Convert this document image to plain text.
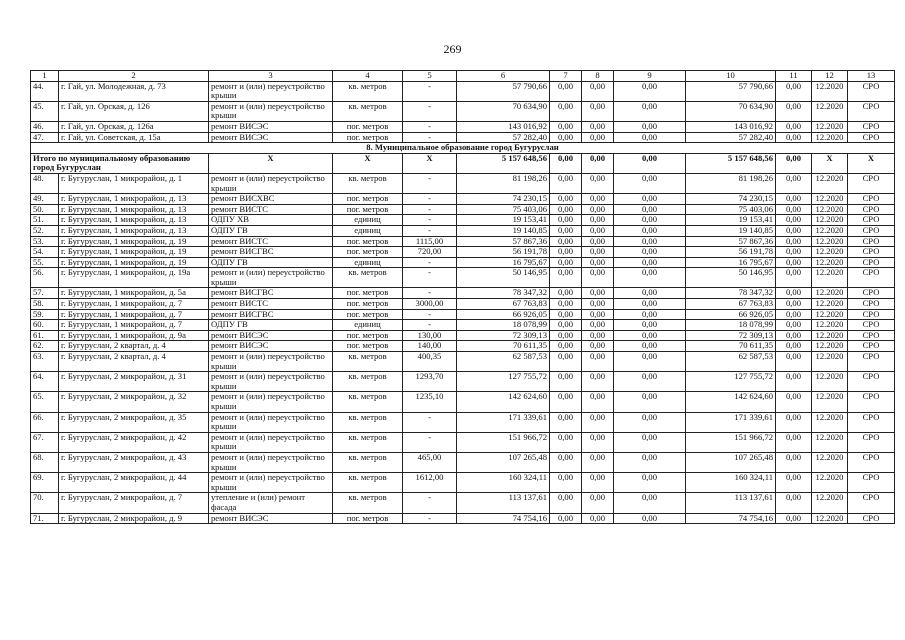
269
1	2	3	4	5	6	7	8	9	10	11	12	13
44.	г. Гай, ул. Молодежная, д. 73	ремонт и (или) переустройство крыши	кв. метров	-	57 790,66	0,00	0,00	0,00	57 790,66	0,00	12.2020	СРО
45.	г. Гай, ул. Орская, д. 126	ремонт и (или) переустройство крыши	кв. метров	-	70 634,90	0,00	0,00	0,00	70 634,90	0,00	12.2020	СРО
46.	г. Гай, ул. Орская, д. 126а	ремонт ВИСЭС	пог. метров	-	143 016,92	0,00	0,00	0,00	143 016,92	0,00	12.2020	СРО
47.	г. Гай, ул. Советская, д. 15а	ремонт ВИСЭС	пог. метров	-	57 282,40	0,00	0,00	0,00	57 282,40	0,00	12.2020	СРО
8. Муниципальное образование город Бугуруслан												
Итого по муниципальному образованию город Бугуруслан		X	X	X	5 157 648,56	0,00	0,00	0,00	5 157 648,56	0,00	X	X
48.	г. Бугуруслан, 1 микрорайон, д. 1	ремонт и (или) переустройство крыши	кв. метров	-	81 198,26	0,00	0,00	0,00	81 198,26	0,00	12.2020	СРО
49.	г. Бугуруслан, 1 микрорайон, д. 13	ремонт ВИСХВС	пог. метров	-	74 230,15	0,00	0,00	0,00	74 230,15	0,00	12.2020	СРО
50.	г. Бугуруслан, 1 микрорайон, д. 13	ремонт ВИСТС	пог. метров	-	75 403,06	0,00	0,00	0,00	75 403,06	0,00	12.2020	СРО
51.	г. Бугуруслан, 1 микрорайон, д. 13	ОДПУ ХВ	единиц	-	19 153,41	0,00	0,00	0,00	19 153,41	0,00	12.2020	СРО
52.	г. Бугуруслан, 1 микрорайон, д. 13	ОДПУ ГВ	единиц	-	19 140,85	0,00	0,00	0,00	19 140,85	0,00	12.2020	СРО
53.	г. Бугуруслан, 1 микрорайон, д. 19	ремонт ВИСТС	пог. метров	1115,00	57 867,36	0,00	0,00	0,00	57 867,36	0,00	12.2020	СРО
54.	г. Бугуруслан, 1 микрорайон, д. 19	ремонт ВИСГВС	пог. метров	720,00	56 191,78	0,00	0,00	0,00	56 191,78	0,00	12.2020	СРО
55.	г. Бугуруслан, 1 микрорайон, д. 19	ОДПУ ГВ	единиц	-	16 795,67	0,00	0,00	0,00	16 795,67	0,00	12.2020	СРО
56.	г. Бугуруслан, 1 микрорайон, д. 19а	ремонт и (или) переустройство крыши	кв. метров	-	50 146,95	0,00	0,00	0,00	50 146,95	0,00	12.2020	СРО
57.	г. Бугуруслан, 1 микрорайон, д. 5а	ремонт ВИСГВС	пог. метров	-	78 347,32	0,00	0,00	0,00	78 347,32	0,00	12.2020	СРО
58.	г. Бугуруслан, 1 микрорайон, д. 7	ремонт ВИСТС	пог. метров	3000,00	67 763,83	0,00	0,00	0,00	67 763,83	0,00	12.2020	СРО
59.	г. Бугуруслан, 1 микрорайон, д. 7	ремонт ВИСГВС	пог. метров	-	66 926,05	0,00	0,00	0,00	66 926,05	0,00	12.2020	СРО
60.	г. Бугуруслан, 1 микрорайон, д. 7	ОДПУ ГВ	единиц	-	18 078,99	0,00	0,00	0,00	18 078,99	0,00	12.2020	СРО
61.	г. Бугуруслан, 1 микрорайон, д. 9а	ремонт ВИСЭС	пог. метров	130,00	72 309,13	0,00	0,00	0,00	72 309,13	0,00	12.2020	СРО
62.	г. Бугуруслан, 2 квартал, д. 4	ремонт ВИСЭС	пог. метров	140,00	70 611,35	0,00	0,00	0,00	70 611,35	0,00	12.2020	СРО
63.	г. Бугуруслан, 2 квартал, д. 4	ремонт и (или) переустройство крыши	кв. метров	400,35	62 587,53	0,00	0,00	0,00	62 587,53	0,00	12.2020	СРО
64.	г. Бугуруслан, 2 микрорайон, д. 31	ремонт и (или) переустройство крыши	кв. метров	1293,70	127 755,72	0,00	0,00	0,00	127 755,72	0,00	12.2020	СРО
65.	г. Бугуруслан, 2 микрорайон, д. 32	ремонт и (или) переустройство крыши	кв. метров	1235,10	142 624,60	0,00	0,00	0,00	142 624,60	0,00	12.2020	СРО
66.	г. Бугуруслан, 2 микрорайон, д. 35	ремонт и (или) переустройство крыши	кв. метров	-	171 339,61	0,00	0,00	0,00	171 339,61	0,00	12.2020	СРО
67.	г. Бугуруслан, 2 микрорайон, д. 42	ремонт и (или) переустройство крыши	кв. метров	-	151 966,72	0,00	0,00	0,00	151 966,72	0,00	12.2020	СРО
68.	г. Бугуруслан, 2 микрорайон, д. 43	ремонт и (или) переустройство крыши	кв. метров	465,00	107 265,48	0,00	0,00	0,00	107 265,48	0,00	12.2020	СРО
69.	г. Бугуруслан, 2 микрорайон, д. 44	ремонт и (или) переустройство крыши	кв. метров	1612,00	160 324,11	0,00	0,00	0,00	160 324,11	0,00	12.2020	СРО
70.	г. Бугуруслан, 2 микрорайон, д. 7	утепление и (или) ремонт фасада	кв. метров	-	113 137,61	0,00	0,00	0,00	113 137,61	0,00	12.2020	СРО
71.	г. Бугуруслан, 2 микрорайон, д. 9	ремонт ВИСЭС	пог. метров	-	74 754,16	0,00	0,00	0,00	74 754,16	0,00	12.2020	СРО
